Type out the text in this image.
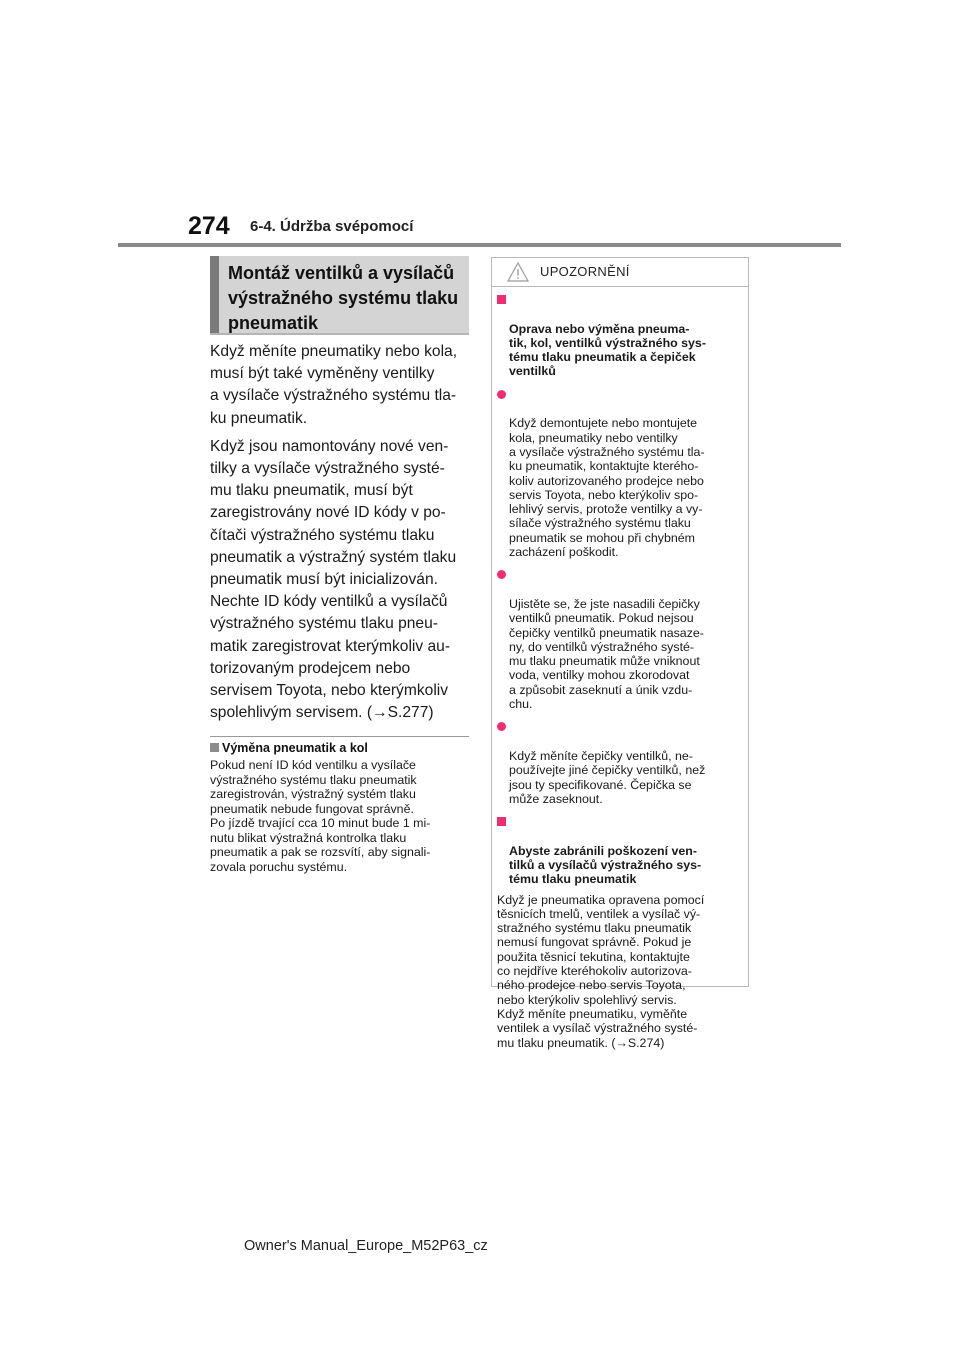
274 6-4. Údržba svépomocí
Montáž ventilků a vysílačů výstražného systému tlaku pneumatik

Když měníte pneumatiky nebo kola,
musí být také vyměněny ventilky
a vysílače výstražného systému tla-
ku pneumatik.

Když jsou namontovány nové ven-
tilky a vysílače výstražného systé-
mu tlaku pneumatik, musí být
zaregistrovány nové ID kódy v po-
čítači výstražného systému tlaku
pneumatik a výstražný systém tlaku
pneumatik musí být inicializován.
Nechte ID kódy ventilků a vysílačů
výstražného systému tlaku pneu-
matik zaregistrovat kterýmkoliv au-
torizovaným prodejcem nebo
servisem Toyota, nebo kterýmkoliv
spolehlivým servisem. (→S.277)

Výměna pneumatik a kol
Pokud není ID kód ventilku a vysílače
výstražného systému tlaku pneumatik
zaregistrován, výstražný systém tlaku
pneumatik nebude fungovat správně.
Po jízdě trvající cca 10 minut bude 1 mi-
nutu blikat výstražná kontrolka tlaku
pneumatik a pak se rozsvítí, aby signali-
zovala poruchu systému.
UPOZORNĚNÍ

Oprava nebo výměna pneuma-
tik, kol, ventilků výstražného sys-
tému tlaku pneumatik a čepiček
ventilků

Když demontujete nebo montujete
kola, pneumatiky nebo ventilky
a vysílače výstražného systému tla-
ku pneumatik, kontaktujte kteréh​o-
koliv autorizovaného prodejce nebo
servis Toyota, nebo kterýkoliv spo-
lehlivý servis, protože ventilky a vy-
sílače výstražného systému tlaku
pneumatik se mohou při chybném
zacházení poškodit.

Ujistěte se, že jste nasadili čepičky
ventilků pneumatik. Pokud nejsou
čepičky ventilků pneumatik nasaze-
ny, do ventilků výstražného systé-
mu tlaku pneumatik může vniknout
voda, ventilky mohou zkorodovat
a způsobit zaseknutí a únik vzdu-
chu.

Když měníte čepičky ventilků, ne-
používejte jiné čepičky ventilků, než
jsou ty specifikované. Čepička se
může zaseknout.

Abyste zabránili poškození ven-
tilků a vysílačů výstražného sys-
tému tlaku pneumatik

Když je pneumatika opravena pomocí
těsnicích tmelů, ventilek a vysílač vý-
stražného systému tlaku pneumatik
nemusí fungovat správně. Pokud je
použita těsnicí tekutina, kontaktujte
co nejdříve kteréhokoliv autorizova-
ného prodejce nebo servis Toyota,
nebo kterýkoliv spolehlivý servis.
Když měníte pneumatiku, vyměňte
ventilek a vysílač výstražného systé-
mu tlaku pneumatik. (→S.274)
Owner's Manual_Europe_M52P63_cz
